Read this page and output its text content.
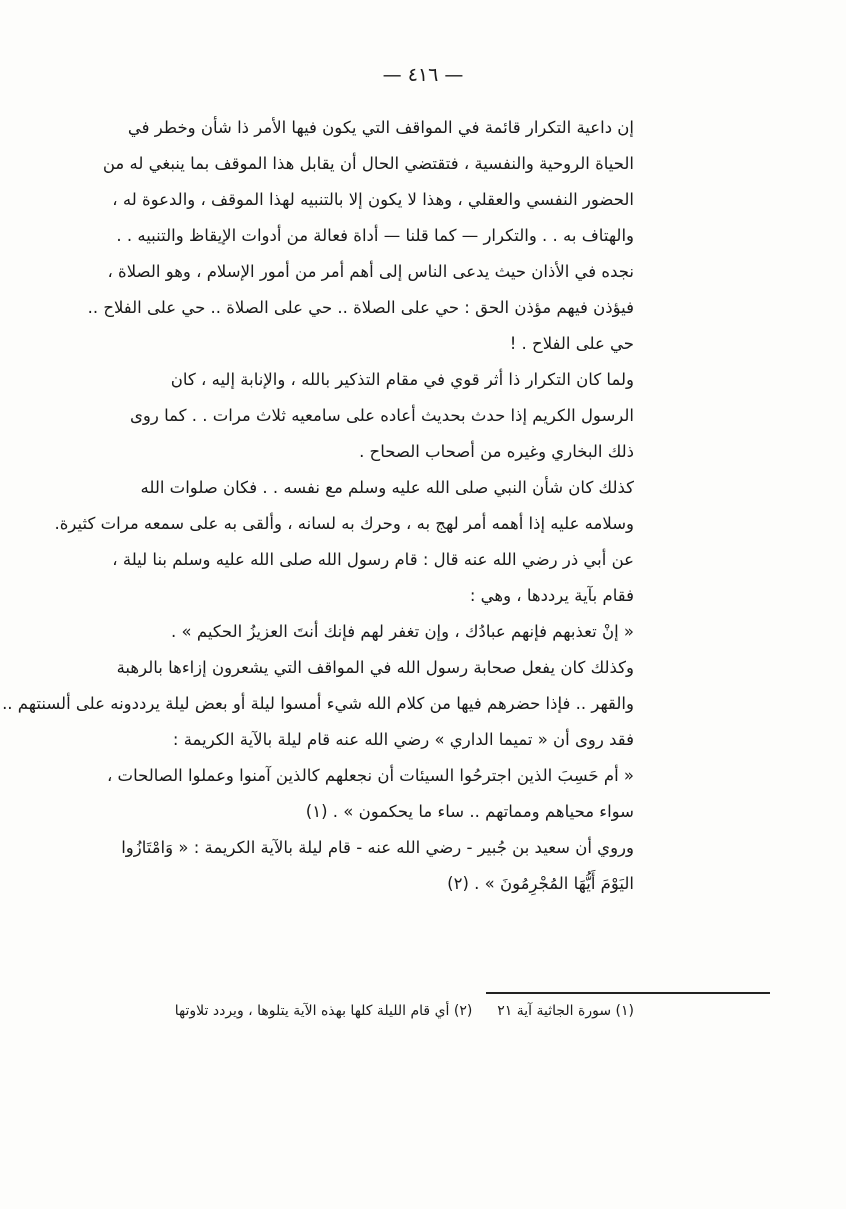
— ٤١٦ —

إن داعية التكرار قائمة في المواقف التي يكون فيها الأمر ذا شأن وخطر في

الحياة الروحية والنفسية ، فتقتضي الحال أن يقابل هذا الموقف بما ينبغي له من

الحضور النفسي والعقلي ، وهذا لا يكون إلا بالتنبيه لهذا الموقف ، والدعوة له ،

والهتاف به . . والتكرار — كما قلنا — أداة فعالة من أدوات الإيقاظ والتنبيه . .

نجده في الأذان حيث يدعى الناس إلى أهم أمر من أمور الإسلام ، وهو الصلاة ،

فيؤذن فيهم مؤذن الحق : حي على الصلاة .. حي على الصلاة .. حي على الفلاح ..

حي على الفلاح . !

ولما كان التكرار ذا أثر قوي في مقام التذكير بالله ، والإنابة إليه ، كان

الرسول الكريم إذا حدث بحديث أعاده على سامعيه ثلاث مرات . . كما روى

ذلك البخاري وغيره من أصحاب الصحاح .

كذلك كان شأن النبي صلى الله عليه وسلم مع نفسه . . فكان صلوات الله

وسلامه عليه إذا أهمه أمر لهج به ، وحرك به لسانه ، وألقى به على سمعه مرات كثيرة.

عن أبي ذر رضي الله عنه قال : قام رسول الله صلى الله عليه وسلم بنا ليلة ،

فقام بآية يرددها ، وهي :

« إنْ تعذبهم فإنهم عبادُك ، وإن تغفر لهم فإنك أنتَ العزيزُ الحكيم » .

وكذلك كان يفعل صحابة رسول الله في المواقف التي يشعرون إزاءها بالرهبة

والقهر .. فإذا حضرهم فيها من كلام الله شيء أمسوا ليلة أو بعض ليلة يرددونه على ألسنتهم ..

فقد روى أن « تميما الداري » رضي الله عنه قام ليلة بالآية الكريمة :

« أم حَسِبَ الذين اجترحُوا السيئات أن نجعلهم كالذين آمنوا وعملوا الصالحات ،

سواء محياهم ومماتهم .. ساء ما يحكمون » . (١)

وروي أن سعيد بن جُبير - رضي الله عنه - قام ليلة بالآية الكريمة : « وَامْتَازُوا

اليَوْمَ أَيُّهَا المُجْرِمُونَ » . (٢)

(١) سورة الجاثية آية ٢١  (٢) أي قام الليلة كلها بهذه الآية يتلوها ، ويردد تلاوتها
